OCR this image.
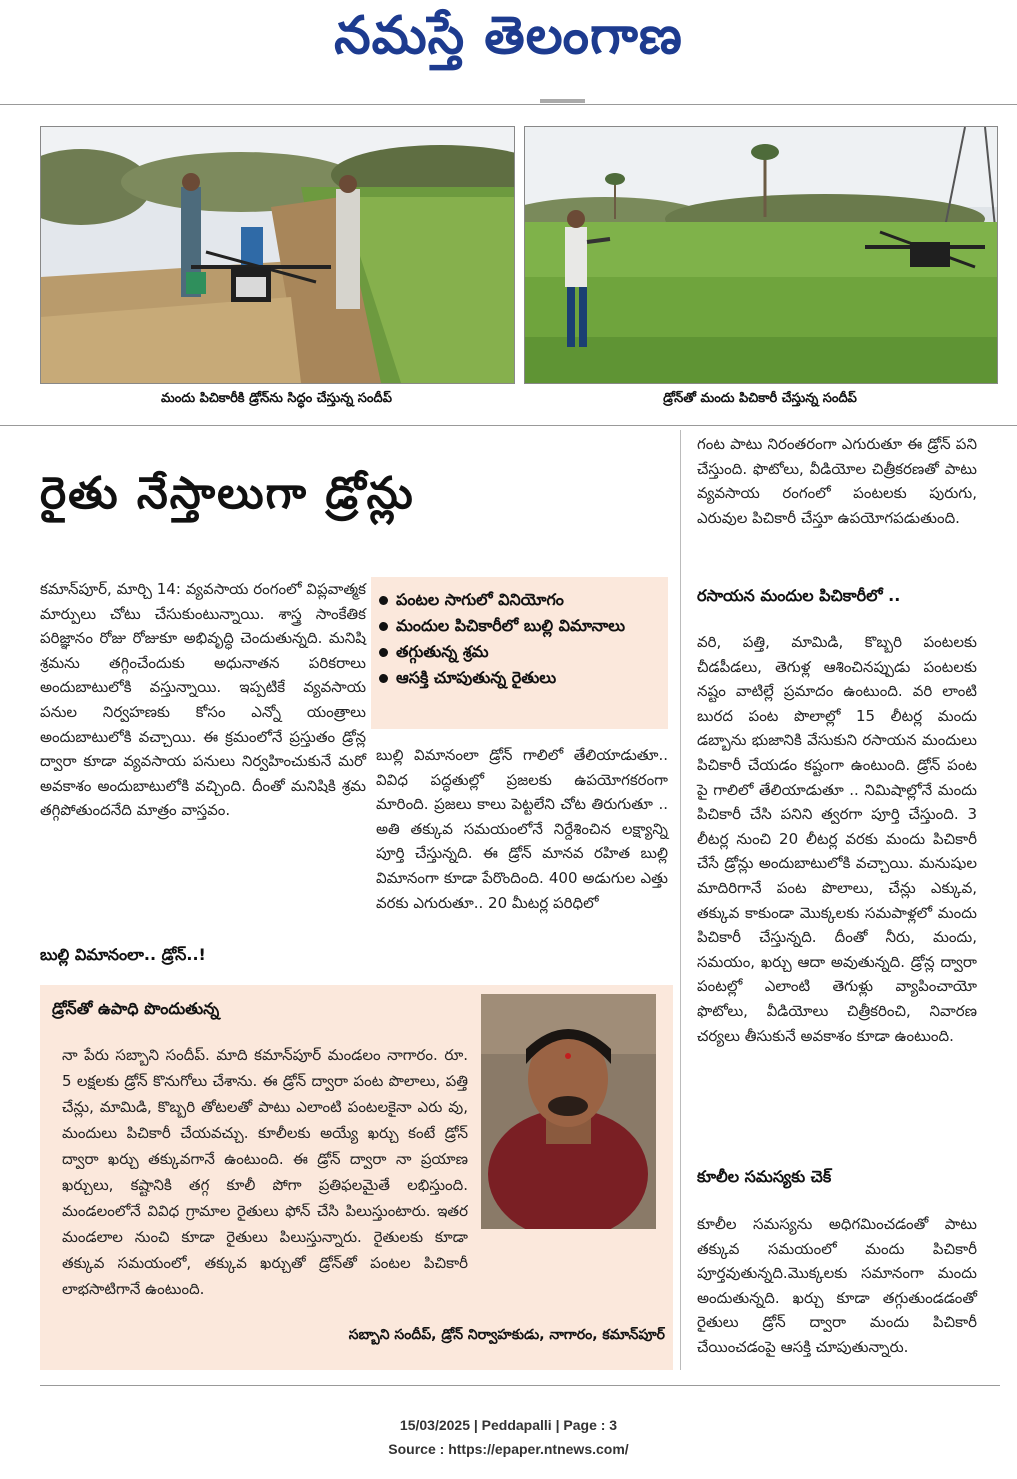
నమస్తే తెలంగాణ
మందు పిచికారీకి డ్రోన్‌ను సిద్ధం చేస్తున్న సందీప్	డ్రోన్‌తో మందు పిచికారీ చేస్తున్న సందీప్
రైతు నేస్తాలుగా డ్రోన్లు
కమాన్‌పూర్, మార్చి 14: వ్యవసాయ రంగంలో విప్లవాత్మక మార్పులు చోటు చేసుకుంటున్నాయి. శాస్త్ర సాంకేతిక పరిజ్ఞానం రోజు రోజుకూ అభివృద్ధి చెందుతున్నది. మనిషి శ్రమను తగ్గించేందుకు అధునాతన పరికరాలు అందుబాటులోకి వస్తున్నాయి. ఇప్పటికే వ్యవసాయ పనుల నిర్వహణకు కోసం ఎన్నో యంత్రాలు అందుబాటులోకి వచ్చాయి. ఈ క్రమంలోనే ప్రస్తుతం డ్రోన్ల ద్వారా కూడా వ్యవసాయ పనులు నిర్వహించుకునే మరో అవకాశం అందుబాటులోకి వచ్చింది. దీంతో మనిషికి శ్రమ తగ్గిపోతుందనేది మాత్రం వాస్తవం.
బుల్లి విమానంలా.. డ్రోన్..!
పంటల సాగులో వినియోగం
మందుల పిచికారీలో బుల్లి విమానాలు
తగ్గుతున్న శ్రమ
ఆసక్తి చూపుతున్న రైతులు
బుల్లి విమానంలా డ్రోన్ గాలిలో తేలియాడుతూ.. వివిధ పద్ధతుల్లో ప్రజలకు ఉపయోగకరంగా మారింది. ప్రజలు కాలు పెట్టలేని చోట తిరుగుతూ .. అతి తక్కువ సమయంలోనే నిర్దేశించిన లక్ష్యాన్ని పూర్తి చేస్తున్నది. ఈ డ్రోన్ మానవ రహిత బుల్లి విమానంగా కూడా పేరొందింది. 400 అడుగుల ఎత్తు వరకు ఎగురుతూ.. 20 మీటర్ల పరిధిలో
గంట పాటు నిరంతరంగా ఎగురుతూ ఈ డ్రోన్ పని చేస్తుంది. ఫొటోలు, వీడియోల చిత్రీకరణతో పాటు వ్యవసాయ రంగంలో పంటలకు పురుగు, ఎరువుల పిచికారీ చేస్తూ ఉపయోగపడుతుంది.
రసాయన మందుల పిచికారీలో ..
వరి, పత్తి, మామిడి, కొబ్బరి పంటలకు చీడపీడలు, తెగుళ్ల ఆశించినప్పుడు పంటలకు నష్టం వాటిల్లే ప్రమాదం ఉంటుంది. వరి లాంటి బురద పంట పొలాల్లో 15 లీటర్ల మందు డబ్బాను భుజానికి వేసుకుని రసాయన మందులు పిచికారీ చేయడం కష్టంగా ఉంటుంది. డ్రోన్ పంట పై గాలిలో తేలియాడుతూ .. నిమిషాల్లోనే మందు పిచికారీ చేసి పనిని త్వరగా పూర్తి చేస్తుంది. 3 లీటర్ల నుంచి 20 లీటర్ల వరకు మందు పిచికారీ చేసే డ్రోన్లు అందుబాటులోకి వచ్చాయి. మనుషుల మాదిరిగానే పంట పొలాలు, చేన్లు ఎక్కువ, తక్కువ కాకుండా మొక్కలకు సమపాళ్లలో మందు పిచికారీ చేస్తున్నది. దీంతో నీరు, మందు, సమయం, ఖర్చు ఆదా అవుతున్నది. డ్రోన్ల ద్వారా పంటల్లో ఎలాంటి తెగుళ్లు వ్యాపించాయో ఫొటోలు, వీడియోలు చిత్రీకరించి, నివారణ చర్యలు తీసుకునే అవకాశం కూడా ఉంటుంది.
కూలీల సమస్యకు చెక్
కూలీల సమస్యను అధిగమించడంతో పాటు తక్కువ సమయంలో మందు పిచికారీ పూర్తవుతున్నది.మొక్కలకు సమానంగా మందు అందుతున్నది. ఖర్చు కూడా తగ్గుతుండడంతో రైతులు డ్రోన్ ద్వారా మందు పిచికారీ చేయించడంపై ఆసక్తి చూపుతున్నారు.
డ్రోన్‌తో ఉపాధి పొందుతున్న
నా పేరు సబ్బాని సందీప్. మాది కమాన్‌పూర్ మండలం నాగారం. రూ. 5 లక్షలకు డ్రోన్ కొనుగోలు చేశాను. ఈ డ్రోన్ ద్వారా పంట పొలాలు, పత్తి చేన్లు, మామిడి, కొబ్బరి తోటలతో పాటు ఎలాంటి పంటలకైనా ఎరు వు, మందులు పిచికారీ చేయవచ్చు. కూలీలకు అయ్యే ఖర్చు కంటే డ్రోన్ ద్వారా ఖర్చు తక్కువగానే ఉంటుంది. ఈ డ్రోన్ ద్వారా నా ప్రయాణ ఖర్చులు, కష్టానికి తగ్గ కూలీ పోగా ప్రతిఫలమైతే లభిస్తుంది. మండలంలోనే వివిధ గ్రామాల రైతులు ఫోన్ చేసి పిలుస్తుంటారు. ఇతర మండలాల నుంచి కూడా రైతులు పిలుస్తున్నారు. రైతులకు కూడా తక్కువ సమయంలో, తక్కువ ఖర్చుతో డ్రోన్‌తో పంటల పిచికారీ లాభసాటిగానే ఉంటుంది.
సబ్బాని సందీప్, డ్రోన్ నిర్వాహకుడు, నాగారం, కమాన్‌పూర్
15/03/2025 | Peddapalli | Page : 3
Source : https://epaper.ntnews.com/
